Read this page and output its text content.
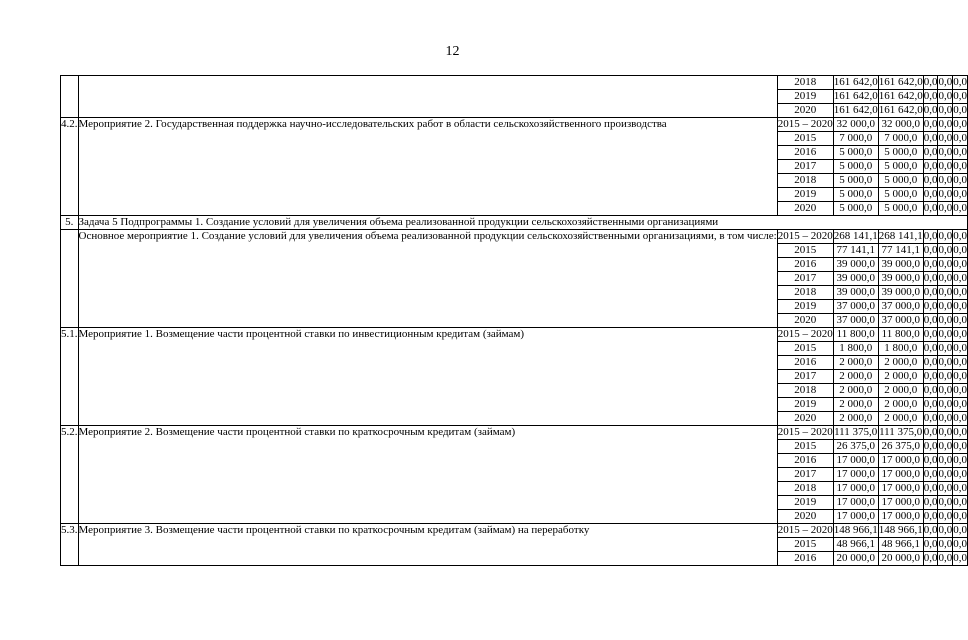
12
		2018	161 642,0	161 642,0	0,0	0,0	0,0
		2019	161 642,0	161 642,0	0,0	0,0	0,0
		2020	161 642,0	161 642,0	0,0	0,0	0,0
4.2.	Мероприятие 2. Государственная поддержка научно-исследовательских работ в области сельскохозяйственного производства	2015 – 2020	32 000,0	32 000,0	0,0	0,0	0,0
		2015	7 000,0	7 000,0	0,0	0,0	0,0
		2016	5 000,0	5 000,0	0,0	0,0	0,0
		2017	5 000,0	5 000,0	0,0	0,0	0,0
		2018	5 000,0	5 000,0	0,0	0,0	0,0
		2019	5 000,0	5 000,0	0,0	0,0	0,0
		2020	5 000,0	5 000,0	0,0	0,0	0,0
5.	Задача 5 Подпрограммы 1. Создание условий для увеличения объема реализованной продукции сельскохозяйственными организациями						
	Основное мероприятие 1. Создание условий для увеличения объема реализованной продукции сельскохозяйственными организациями, в том числе:	2015 – 2020	268 141,1	268 141,1	0,0	0,0	0,0
		2015	77 141,1	77 141,1	0,0	0,0	0,0
		2016	39 000,0	39 000,0	0,0	0,0	0,0
		2017	39 000,0	39 000,0	0,0	0,0	0,0
		2018	39 000,0	39 000,0	0,0	0,0	0,0
		2019	37 000,0	37 000,0	0,0	0,0	0,0
		2020	37 000,0	37 000,0	0,0	0,0	0,0
5.1.	Мероприятие 1. Возмещение части процентной ставки по инвестиционным кредитам (займам)	2015 – 2020	11 800,0	11 800,0	0,0	0,0	0,0
		2015	1 800,0	1 800,0	0,0	0,0	0,0
		2016	2 000,0	2 000,0	0,0	0,0	0,0
		2017	2 000,0	2 000,0	0,0	0,0	0,0
		2018	2 000,0	2 000,0	0,0	0,0	0,0
		2019	2 000,0	2 000,0	0,0	0,0	0,0
		2020	2 000,0	2 000,0	0,0	0,0	0,0
5.2.	Мероприятие 2. Возмещение части процентной ставки по краткосрочным кредитам (займам)	2015 – 2020	111 375,0	111 375,0	0,0	0,0	0,0
		2015	26 375,0	26 375,0	0,0	0,0	0,0
		2016	17 000,0	17 000,0	0,0	0,0	0,0
		2017	17 000,0	17 000,0	0,0	0,0	0,0
		2018	17 000,0	17 000,0	0,0	0,0	0,0
		2019	17 000,0	17 000,0	0,0	0,0	0,0
		2020	17 000,0	17 000,0	0,0	0,0	0,0
5.3.	Мероприятие 3. Возмещение части процентной ставки по краткосрочным кредитам (займам) на переработку	2015 – 2020	148 966,1	148 966,1	0,0	0,0	0,0
		2015	48 966,1	48 966,1	0,0	0,0	0,0
		2016	20 000,0	20 000,0	0,0	0,0	0,0
